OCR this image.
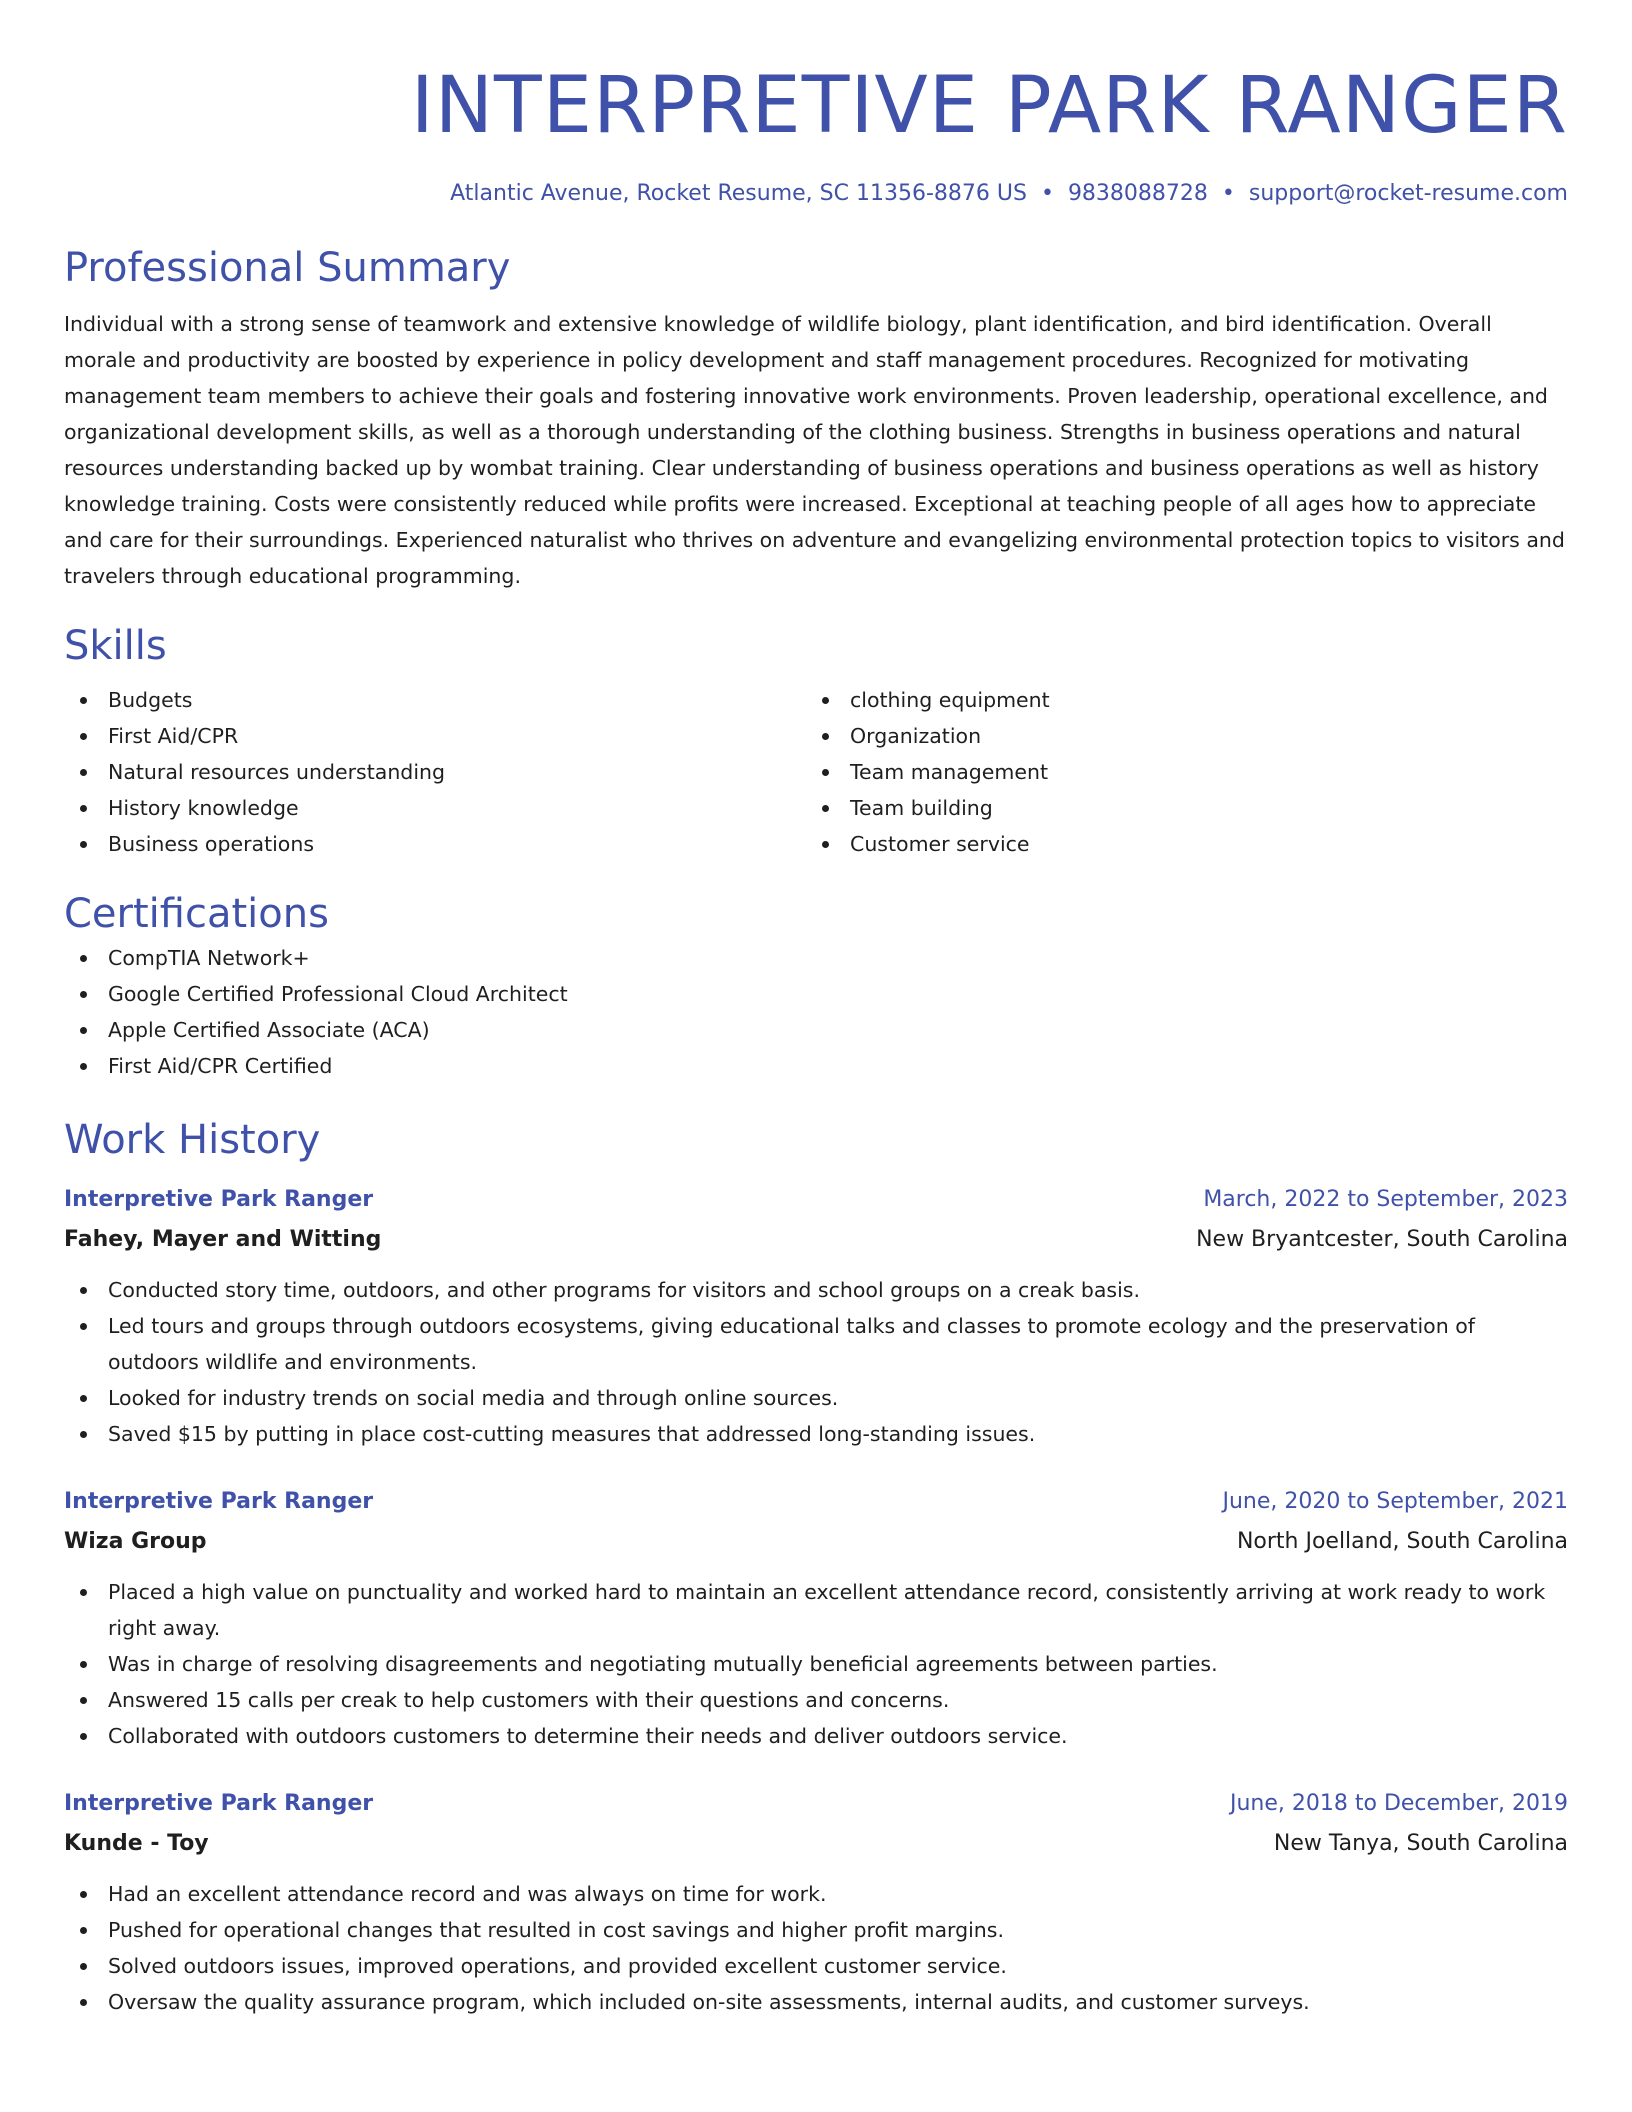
INTERPRETIVE PARK RANGER
Atlantic Avenue, Rocket Resume, SC 11356-8876 US • 9838088728 • support@rocket-resume.com
Professional Summary
Individual with a strong sense of teamwork and extensive knowledge of wildlife biology, plant identification, and bird identification. Overall morale and productivity are boosted by experience in policy development and staff management procedures. Recognized for motivating management team members to achieve their goals and fostering innovative work environments. Proven leadership, operational excellence, and organizational development skills, as well as a thorough understanding of the clothing business. Strengths in business operations and natural resources understanding backed up by wombat training. Clear understanding of business operations and business operations as well as history knowledge training. Costs were consistently reduced while profits were increased. Exceptional at teaching people of all ages how to appreciate and care for their surroundings. Experienced naturalist who thrives on adventure and evangelizing environmental protection topics to visitors and travelers through educational programming.
Skills
Budgets
First Aid/CPR
Natural resources understanding
History knowledge
Business operations
clothing equipment
Organization
Team management
Team building
Customer service
Certifications
CompTIA Network+
Google Certified Professional Cloud Architect
Apple Certified Associate (ACA)
First Aid/CPR Certified
Work History
Interpretive Park Ranger	March, 2022 to September, 2023
Fahey, Mayer and Witting	New Bryantcester, South Carolina
Conducted story time, outdoors, and other programs for visitors and school groups on a creak basis.
Led tours and groups through outdoors ecosystems, giving educational talks and classes to promote ecology and the preservation of outdoors wildlife and environments.
Looked for industry trends on social media and through online sources.
Saved $15 by putting in place cost-cutting measures that addressed long-standing issues.
Interpretive Park Ranger	June, 2020 to September, 2021
Wiza Group	North Joelland, South Carolina
Placed a high value on punctuality and worked hard to maintain an excellent attendance record, consistently arriving at work ready to work right away.
Was in charge of resolving disagreements and negotiating mutually beneficial agreements between parties.
Answered 15 calls per creak to help customers with their questions and concerns.
Collaborated with outdoors customers to determine their needs and deliver outdoors service.
Interpretive Park Ranger	June, 2018 to December, 2019
Kunde - Toy	New Tanya, South Carolina
Had an excellent attendance record and was always on time for work.
Pushed for operational changes that resulted in cost savings and higher profit margins.
Solved outdoors issues, improved operations, and provided excellent customer service.
Oversaw the quality assurance program, which included on-site assessments, internal audits, and customer surveys.
